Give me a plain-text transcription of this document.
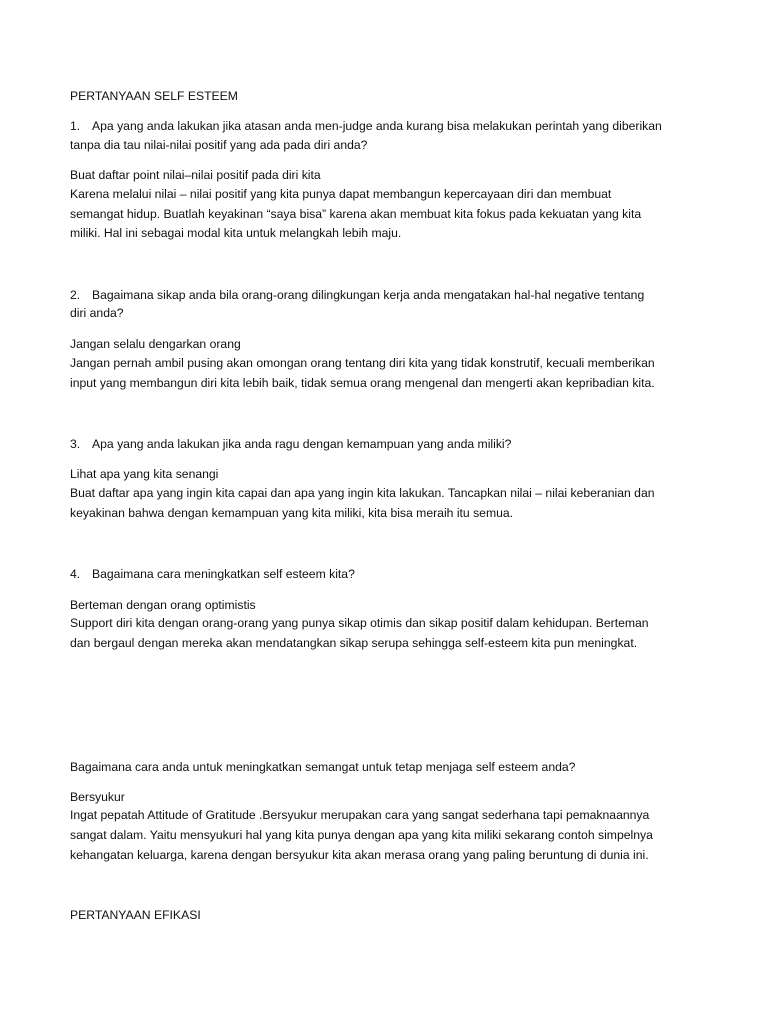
PERTANYAAN SELF ESTEEM
1. Apa yang anda lakukan jika atasan anda men-judge anda kurang bisa melakukan perintah yang diberikan
tanpa dia tau nilai-nilai positif yang ada pada diri anda?
Buat daftar point nilai–nilai positif pada diri kita
Karena melalui nilai – nilai positif yang kita punya dapat membangun kepercayaan diri dan membuat
semangat hidup. Buatlah keyakinan “saya bisa” karena akan membuat kita fokus pada kekuatan yang kita
miliki. Hal ini sebagai modal kita untuk melangkah lebih maju.
2. Bagaimana sikap anda bila orang-orang dilingkungan kerja anda mengatakan hal-hal negative tentang
diri anda?
Jangan selalu dengarkan orang
Jangan pernah ambil pusing akan omongan orang tentang diri kita yang tidak konstrutif, kecuali memberikan
input yang membangun diri kita lebih baik, tidak semua orang mengenal dan mengerti akan kepribadian kita.
3. Apa yang anda lakukan jika anda ragu dengan kemampuan yang anda miliki?
Lihat apa yang kita senangi
Buat daftar apa yang ingin kita capai dan apa yang ingin kita lakukan. Tancapkan nilai – nilai keberanian dan
keyakinan bahwa dengan kemampuan yang kita miliki, kita bisa meraih itu semua.
4. Bagaimana cara meningkatkan self esteem kita?
Berteman dengan orang optimistis
Support diri kita dengan orang-orang yang punya sikap otimis dan sikap positif dalam kehidupan. Berteman
dan bergaul dengan mereka akan mendatangkan sikap serupa sehingga self-esteem kita pun meningkat.
Bagaimana cara anda untuk meningkatkan semangat untuk tetap menjaga self esteem anda?
Bersyukur
Ingat pepatah Attitude of Gratitude .Bersyukur merupakan cara yang sangat sederhana tapi pemaknaannya
sangat dalam. Yaitu mensyukuri hal yang kita punya dengan apa yang kita miliki sekarang contoh simpelnya
kehangatan keluarga, karena dengan bersyukur kita akan merasa orang yang paling beruntung di dunia ini.
PERTANYAAN EFIKASI
